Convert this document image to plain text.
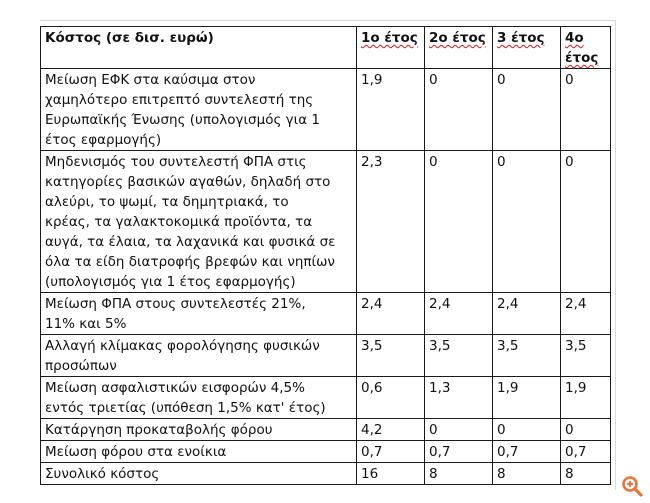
Κόστος (σε δισ. ευρώ)	1ο έτος	2ο έτος	3 έτος	4ο έτος
Μείωση ΕΦΚ στα καύσιμα στον χαμηλότερο επιτρεπτό συντελεστή της Ευρωπαϊκής Ένωσης (υπολογισμός για 1 έτος εφαρμογής)	1,9	0	0	0
Μηδενισμός του συντελεστή ΦΠΑ στις κατηγορίες βασικών αγαθών, δηλαδή στο αλεύρι, το ψωμί, τα δημητριακά, το κρέας, τα γαλακτοκομικά προϊόντα, τα αυγά, τα έλαια, τα λαχανικά και φυσικά σε όλα τα είδη διατροφής βρεφών και νηπίων (υπολογισμός για 1 έτος εφαρμογής)	2,3	0	0	0
Μείωση ΦΠΑ στους συντελεστές 21%, 11% και 5%	2,4	2,4	2,4	2,4
Αλλαγή κλίμακας φορολόγησης φυσικών προσώπων	3,5	3,5	3,5	3,5
Μείωση ασφαλιστικών εισφορών 4,5% εντός τριετίας (υπόθεση 1,5% κατ' έτος)	0,6	1,3	1,9	1,9
Κατάργηση προκαταβολής φόρου	4,2	0	0	0
Μείωση φόρου στα ενοίκια	0,7	0,7	0,7	0,7
Συνολικό κόστος	16	8	8	8
